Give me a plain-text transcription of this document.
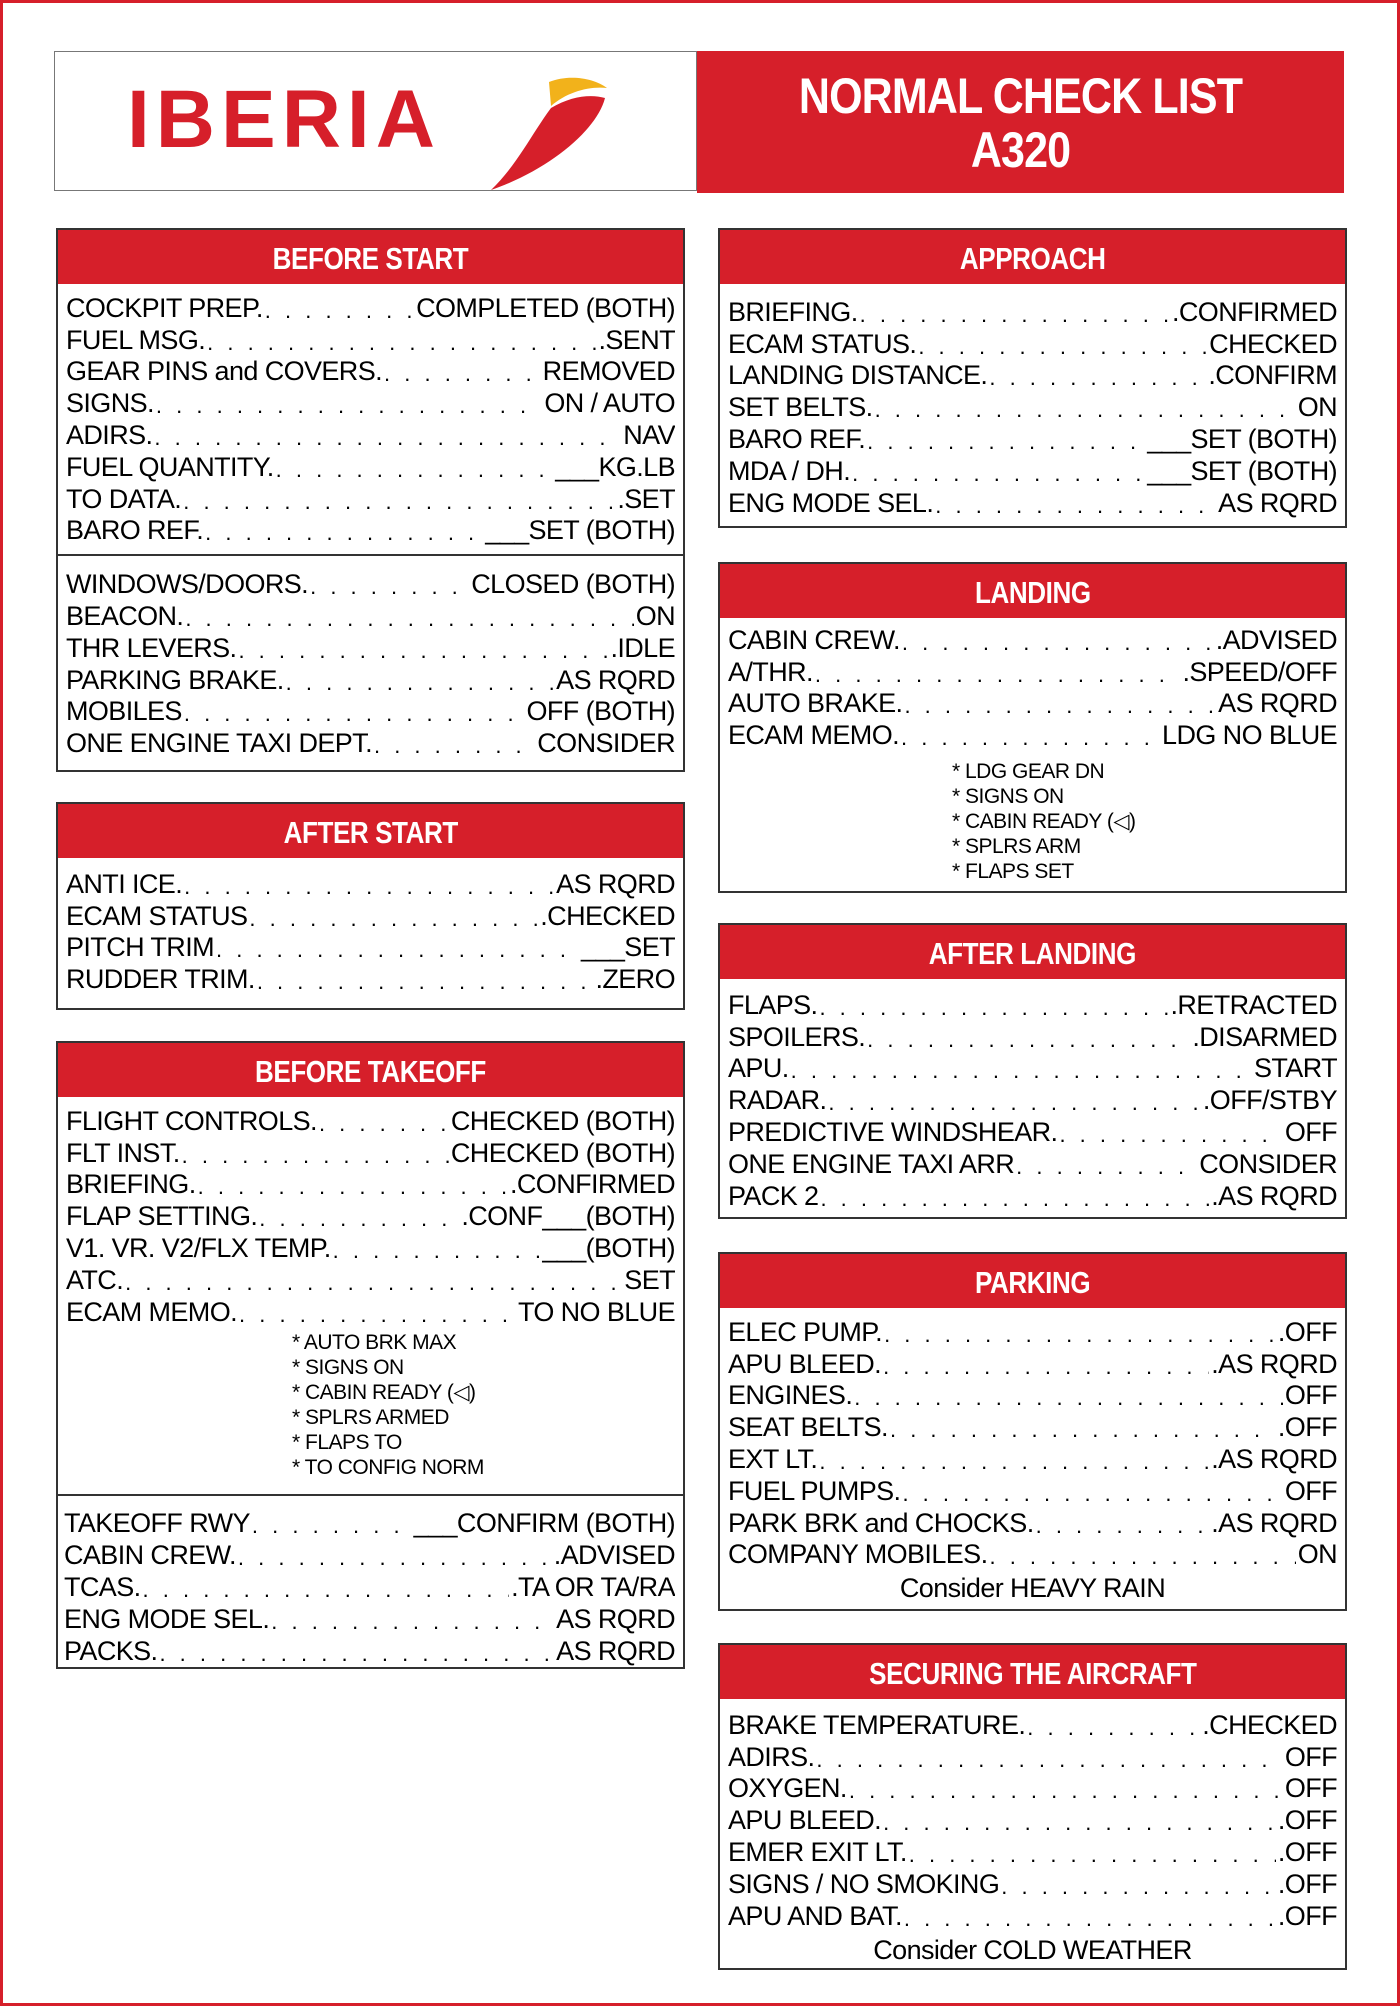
IBERIA	NORMAL CHECK LIST
A320
BEFORE START
COCKPIT PREP. . . .	COMPLETED (BOTH)
FUEL MSG. . . .	.SENT
GEAR PINS and COVERS. . . .	REMOVED
SIGNS. . . .	ON / AUTO
ADIRS. . . .	NAV
FUEL QUANTITY. . . .	___KG.LB
TO DATA. . . .	.SET
BARO REF. . . .	___SET (BOTH)
WINDOWS/DOORS. . . .	CLOSED (BOTH)
BEACON. . . .	ON
THR LEVERS. . . .	.IDLE
PARKING BRAKE. . . .	AS RQRD
MOBILES . . .	OFF (BOTH)
ONE ENGINE TAXI DEPT. . . .	CONSIDER
AFTER START
ANTI ICE. . . .	AS RQRD
ECAM STATUS . . .	.CHECKED
PITCH TRIM . . .	___SET
RUDDER TRIM. . . .	.ZERO
BEFORE TAKEOFF
FLIGHT CONTROLS. . . .	CHECKED (BOTH)
FLT INST. . . .	CHECKED (BOTH)
BRIEFING. . . .	.CONFIRMED
FLAP SETTING. . . .	.CONF___(BOTH)
V1. VR. V2/FLX TEMP. . . .	___(BOTH)
ATC. . . .	SET
ECAM MEMO. . . .	TO NO BLUE
* AUTO BRK MAX
* SIGNS ON
* CABIN READY (◁)
* SPLRS ARMED
* FLAPS TO
* TO CONFIG NORM
TAKEOFF RWY . . .	___CONFIRM (BOTH)
CABIN CREW. . . .	.ADVISED
TCAS. . . .	.TA OR TA/RA
ENG MODE SEL. . . .	AS RQRD
PACKS. . . .	AS RQRD
APPROACH
BRIEFING. . . .	.CONFIRMED
ECAM STATUS. . . .	CHECKED
LANDING DISTANCE. . . .	.CONFIRM
SET BELTS. . . .	ON
BARO REF. . . .	___SET (BOTH)
MDA / DH. . . .	___SET (BOTH)
ENG MODE SEL. . . .	AS RQRD
LANDING
CABIN CREW. . . .	.ADVISED
A/THR. . . .	.SPEED/OFF
AUTO BRAKE. . . .	AS RQRD
ECAM MEMO. . . .	LDG NO BLUE
* LDG GEAR DN
* SIGNS ON
* CABIN READY (◁)
* SPLRS ARM
* FLAPS SET
AFTER LANDING
FLAPS. . . .	.RETRACTED
SPOILERS. . . .	.DISARMED
APU. . . .	START
RADAR. . . .	.OFF/STBY
PREDICTIVE WINDSHEAR. . . .	OFF
ONE ENGINE TAXI ARR . . .	CONSIDER
PACK 2 . . .	.AS RQRD
PARKING
ELEC PUMP. . . .	.OFF
APU BLEED. . . .	.AS RQRD
ENGINES. . . .	OFF
SEAT BELTS. . . .	.OFF
EXT LT. . . .	.AS RQRD
FUEL PUMPS. . . .	OFF
PARK BRK and CHOCKS. . . .	.AS RQRD
COMPANY MOBILES. . . .	ON
Consider HEAVY RAIN
SECURING THE AIRCRAFT
BRAKE TEMPERATURE. . . .	.CHECKED
ADIRS. . . .	OFF
OXYGEN. . . .	OFF
APU BLEED. . . .	.OFF
EMER EXIT LT. . . .	.OFF
SIGNS / NO SMOKING . . .	.OFF
APU AND BAT. . . .	.OFF
Consider COLD WEATHER
